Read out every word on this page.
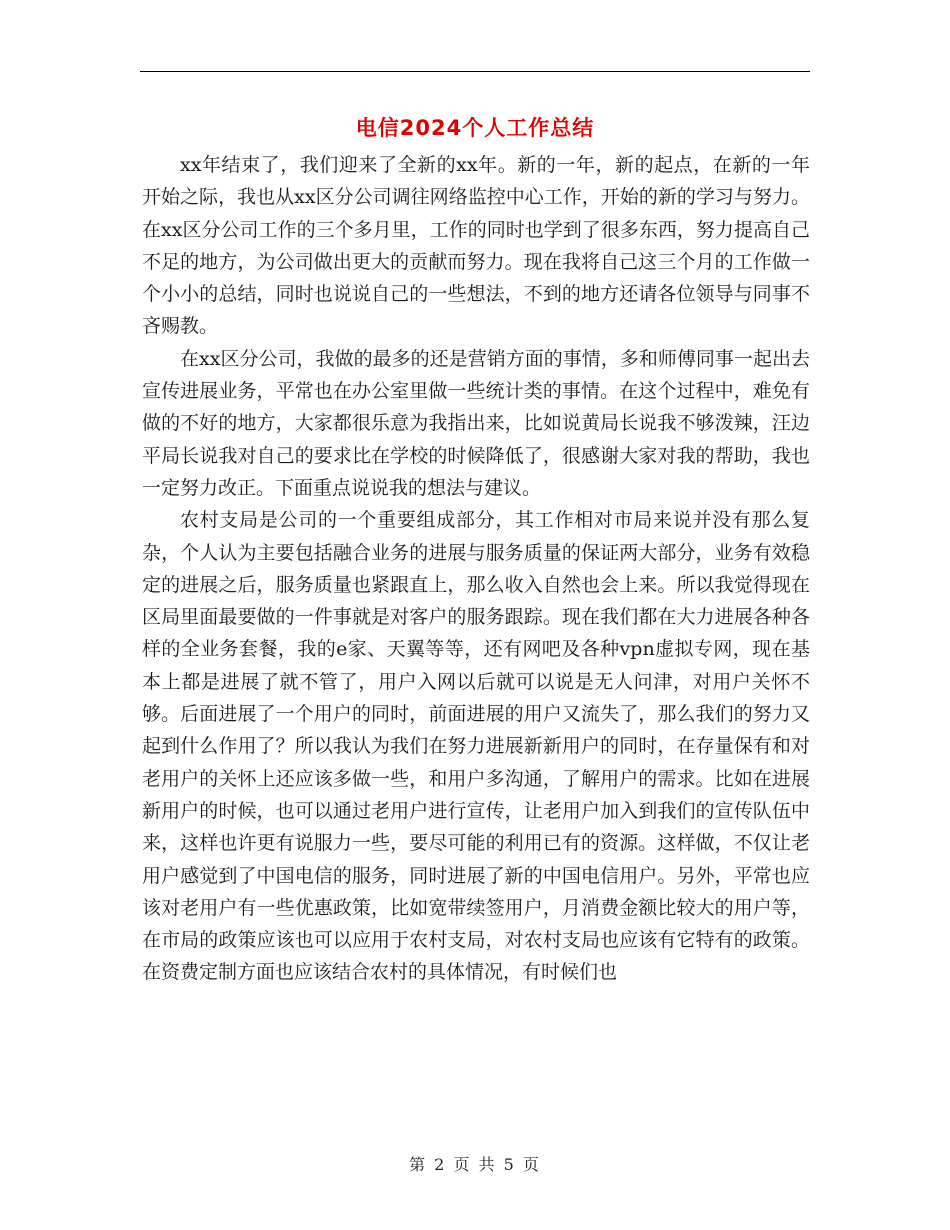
电信2024个人工作总结

xx年结束了，我们迎来了全新的xx年。新的一年，新的起点，在新的一年开始之际，我也从xx区分公司调往网络监控中心工作，开始的新的学习与努力。在xx区分公司工作的三个多月里，工作的同时也学到了很多东西，努力提高自己不足的地方，为公司做出更大的贡献而努力。现在我将自己这三个月的工作做一个小小的总结，同时也说说自己的一些想法，不到的地方还请各位领导与同事不吝赐教。

在xx区分公司，我做的最多的还是营销方面的事情，多和师傅同事一起出去宣传进展业务，平常也在办公室里做一些统计类的事情。在这个过程中，难免有做的不好的地方，大家都很乐意为我指出来，比如说黄局长说我不够泼辣，汪边平局长说我对自己的要求比在学校的时候降低了，很感谢大家对我的帮助，我也一定努力改正。下面重点说说我的想法与建议。

农村支局是公司的一个重要组成部分，其工作相对市局来说并没有那么复杂，个人认为主要包括融合业务的进展与服务质量的保证两大部分，业务有效稳定的进展之后，服务质量也紧跟直上，那么收入自然也会上来。所以我觉得现在区局里面最要做的一件事就是对客户的服务跟踪。现在我们都在大力进展各种各样的全业务套餐，我的e家、天翼等等，还有网吧及各种vpn虚拟专网，现在基本上都是进展了就不管了，用户入网以后就可以说是无人问津，对用户关怀不够。后面进展了一个用户的同时，前面进展的用户又流失了，那么我们的努力又起到什么作用了？所以我认为我们在努力进展新新用户的同时，在存量保有和对老用户的关怀上还应该多做一些，和用户多沟通，了解用户的需求。比如在进展新用户的时候，也可以通过老用户进行宣传，让老用户加入到我们的宣传队伍中来，这样也许更有说服力一些，要尽可能的利用已有的资源。这样做，不仅让老用户感觉到了中国电信的服务，同时进展了新的中国电信用户。另外，平常也应该对老用户有一些优惠政策，比如宽带续签用户，月消费金额比较大的用户等，在市局的政策应该也可以应用于农村支局，对农村支局也应该有它特有的政策。在资费定制方面也应该结合农村的具体情况，有时候们也

第 2 页 共 5 页
